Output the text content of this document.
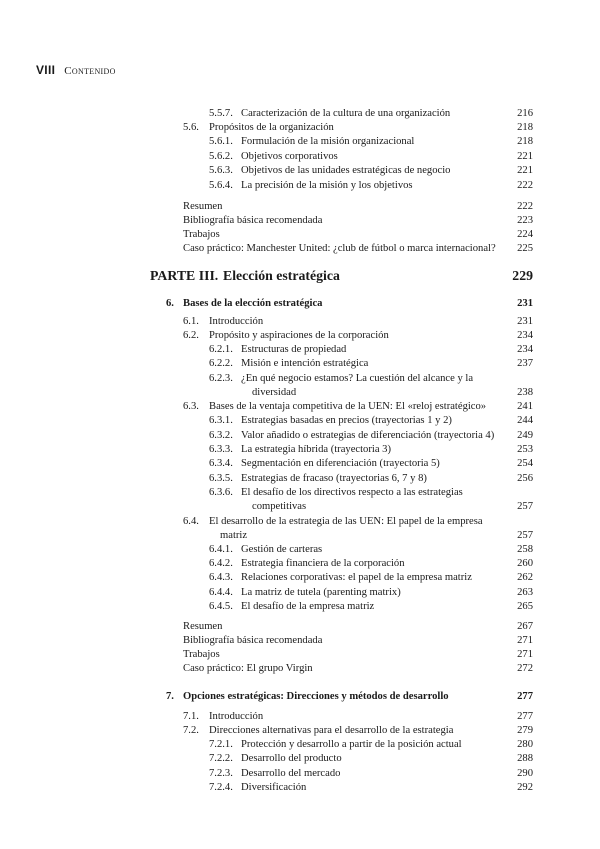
VIII Contenido
5.5.7. Caracterización de la cultura de una organización	216
5.6. Propósitos de la organización	218
5.6.1. Formulación de la misión organizacional	218
5.6.2. Objetivos corporativos	221
5.6.3. Objetivos de las unidades estratégicas de negocio	221
5.6.4. La precisión de la misión y los objetivos	222
Resumen	222
Bibliografía básica recomendada	223
Trabajos	224
Caso práctico: Manchester United: ¿club de fútbol o marca internacional? 225
PARTE III. Elección estratégica	229
6. Bases de la elección estratégica	231
6.1. Introducción	231
6.2. Propósito y aspiraciones de la corporación	234
6.2.1. Estructuras de propiedad	234
6.2.2. Misión e intención estratégica	237
6.2.3. ¿En qué negocio estamos? La cuestión del alcance y la
diversidad	238
6.3. Bases de la ventaja competitiva de la UEN: El «reloj estratégico»	241
6.3.1. Estrategias basadas en precios (trayectorias 1 y 2)	244
6.3.2. Valor añadido o estrategias de diferenciación (trayectoria 4) 249
6.3.3. La estrategia híbrida (trayectoria 3)	253
6.3.4. Segmentación en diferenciación (trayectoria 5)	254
6.3.5. Estrategias de fracaso (trayectorias 6, 7 y 8)	256
6.3.6. El desafío de los directivos respecto a las estrategias
competitivas	257
6.4. El desarrollo de la estrategia de las UEN: El papel de la empresa
matriz	257
6.4.1. Gestión de carteras	258
6.4.2. Estrategia financiera de la corporación	260
6.4.3. Relaciones corporativas: el papel de la empresa matriz	262
6.4.4. La matriz de tutela (parenting matrix)	263
6.4.5. El desafío de la empresa matriz	265
Resumen	267
Bibliografía básica recomendada	271
Trabajos	271
Caso práctico: El grupo Virgin	272
7. Opciones estratégicas: Direcciones y métodos de desarrollo	277
7.1. Introducción	277
7.2. Direcciones alternativas para el desarrollo de la estrategia	279
7.2.1. Protección y desarrollo a partir de la posición actual	280
7.2.2. Desarrollo del producto	288
7.2.3. Desarrollo del mercado	290
7.2.4. Diversificación	292
